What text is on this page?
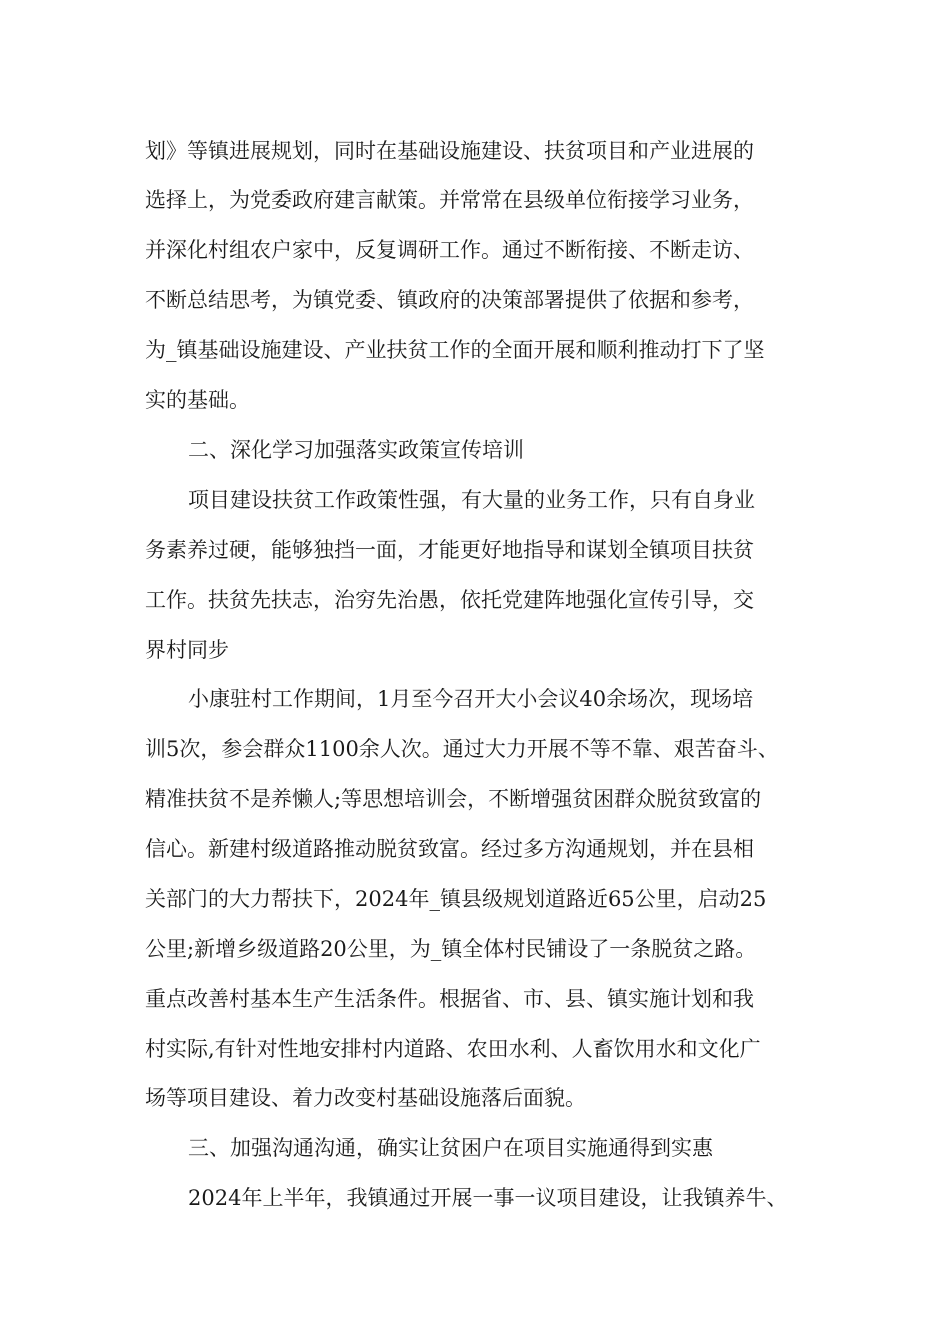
划》等镇进展规划，同时在基础设施建设、扶贫项目和产业进展的
选择上，为党委政府建言献策。并常常在县级单位衔接学习业务，
并深化村组农户家中，反复调研工作。通过不断衔接、不断走访、
不断总结思考，为镇党委、镇政府的决策部署提供了依据和参考，
为_镇基础设施建设、产业扶贫工作的全面开展和顺利推动打下了坚
实的基础。
二、深化学习加强落实政策宣传培训
项目建设扶贫工作政策性强，有大量的业务工作，只有自身业
务素养过硬，能够独挡一面，才能更好地指导和谋划全镇项目扶贫
工作。扶贫先扶志，治穷先治愚，依托党建阵地强化宣传引导，交
界村同步
小康驻村工作期间，1月至今召开大小会议40余场次，现场培
训5次，参会群众1100余人次。通过大力开展不等不靠、艰苦奋斗、
精准扶贫不是养懒人;等思想培训会，不断增强贫困群众脱贫致富的
信心。新建村级道路推动脱贫致富。经过多方沟通规划，并在县相
关部门的大力帮扶下，2024年_镇县级规划道路近65公里，启动25
公里;新增乡级道路20公里，为_镇全体村民铺设了一条脱贫之路。
重点改善村基本生产生活条件。根据省、市、县、镇实施计划和我
村实际,有针对性地安排村内道路、农田水利、人畜饮用水和文化广
场等项目建设、着力改变村基础设施落后面貌。
三、加强沟通沟通，确实让贫困户在项目实施通得到实惠
2024年上半年，我镇通过开展一事一议项目建设，让我镇养牛、
